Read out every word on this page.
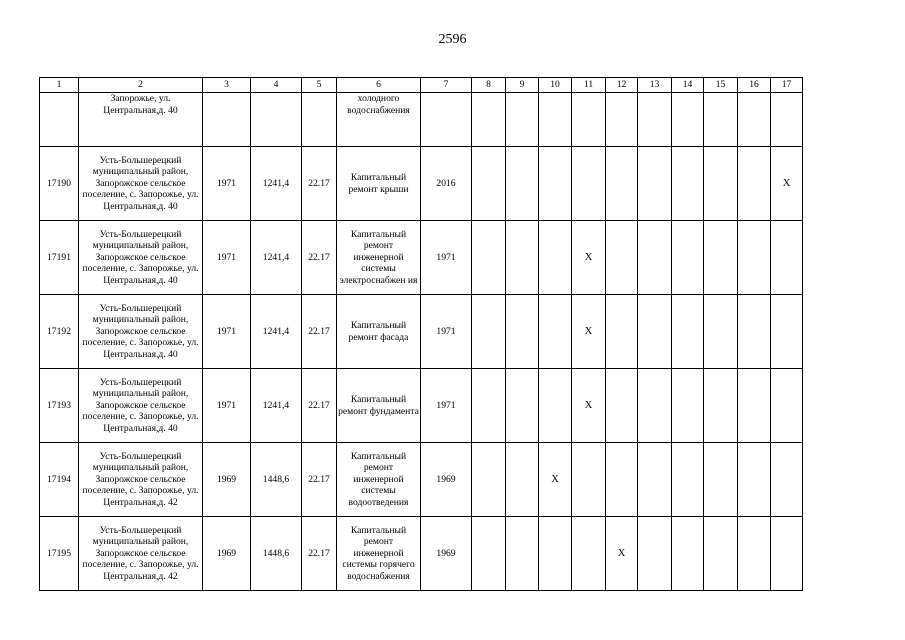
2596
1	2	3	4	5	6	7	8	9	10	11	12	13	14	15	16	17
	Запорожье, ул. Центральная,д. 40				холодного водоснабжения											
17190	Усть-Большерецкий муниципальный район, Запорожское сельское поселение, с. Запорожье, ул. Центральная,д. 40	1971	1241,4	22.17	Капитальный ремонт крыши	2016										X
17191	Усть-Большерецкий муниципальный район, Запорожское сельское поселение, с. Запорожье, ул. Центральная,д. 40	1971	1241,4	22.17	Капитальный ремонт инженерной системы электроснабжен ия	1971				X						
17192	Усть-Большерецкий муниципальный район, Запорожское сельское поселение, с. Запорожье, ул. Центральная,д. 40	1971	1241,4	22.17	Капитальный ремонт фасада	1971				X						
17193	Усть-Большерецкий муниципальный район, Запорожское сельское поселение, с. Запорожье, ул. Центральная,д. 40	1971	1241,4	22.17	Капитальный ремонт фундамента	1971				X						
17194	Усть-Большерецкий муниципальный район, Запорожское сельское поселение, с. Запорожье, ул. Центральная,д. 42	1969	1448,6	22.17	Капитальный ремонт инженерной системы водоотведения	1969			X							
17195	Усть-Большерецкий муниципальный район, Запорожское сельское поселение, с. Запорожье, ул. Центральная,д. 42	1969	1448,6	22.17	Капитальный ремонт инженерной системы горячего водоснабжения	1969					X					
